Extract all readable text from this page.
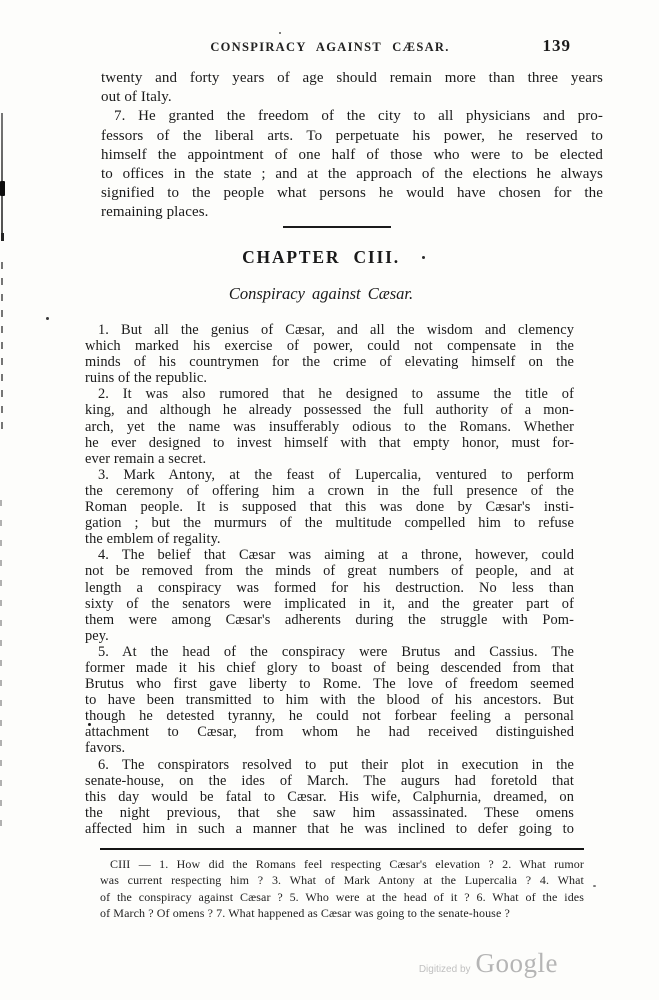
CONSPIRACY AGAINST CÆSAR.	139
twenty and forty years of age should remain more than three years
out of Italy.
7. He granted the freedom of the city to all physicians and pro-
fessors of the liberal arts. To perpetuate his power, he reserved to
himself the appointment of one half of those who were to be elected
to offices in the state ; and at the approach of the elections he always
signified to the people what persons he would have chosen for the
remaining places.
CHAPTER CIII.
Conspiracy against Cæsar.
1. But all the genius of Cæsar, and all the wisdom and clemency
which marked his exercise of power, could not compensate in the
minds of his countrymen for the crime of elevating himself on the
ruins of the republic.
2. It was also rumored that he designed to assume the title of
king, and although he already possessed the full authority of a mon-
arch, yet the name was insufferably odious to the Romans. Whether
he ever designed to invest himself with that empty honor, must for-
ever remain a secret.
3. Mark Antony, at the feast of Lupercalia, ventured to perform
the ceremony of offering him a crown in the full presence of the
Roman people. It is supposed that this was done by Cæsar's insti-
gation ; but the murmurs of the multitude compelled him to refuse
the emblem of regality.
4. The belief that Cæsar was aiming at a throne, however, could
not be removed from the minds of great numbers of people, and at
length a conspiracy was formed for his destruction. No less than
sixty of the senators were implicated in it, and the greater part of
them were among Cæsar's adherents during the struggle with Pom-
pey.
5. At the head of the conspiracy were Brutus and Cassius. The
former made it his chief glory to boast of being descended from that
Brutus who first gave liberty to Rome. The love of freedom seemed
to have been transmitted to him with the blood of his ancestors. But
though he detested tyranny, he could not forbear feeling a personal
attachment to Cæsar, from whom he had received distinguished
favors.
6. The conspirators resolved to put their plot in execution in the
senate-house, on the ides of March. The augurs had foretold that
this day would be fatal to Cæsar. His wife, Calphurnia, dreamed, on
the night previous, that she saw him assassinated. These omens
affected him in such a manner that he was inclined to defer going to
CIII — 1. How did the Romans feel respecting Cæsar's elevation ? 2. What rumor
was current respecting him ? 3. What of Mark Antony at the Lupercalia ? 4. What
of the conspiracy against Cæsar ? 5. Who were at the head of it ? 6. What of the ides
of March ? Of omens ? 7. What happened as Cæsar was going to the senate-house ?
Digitized by Google
